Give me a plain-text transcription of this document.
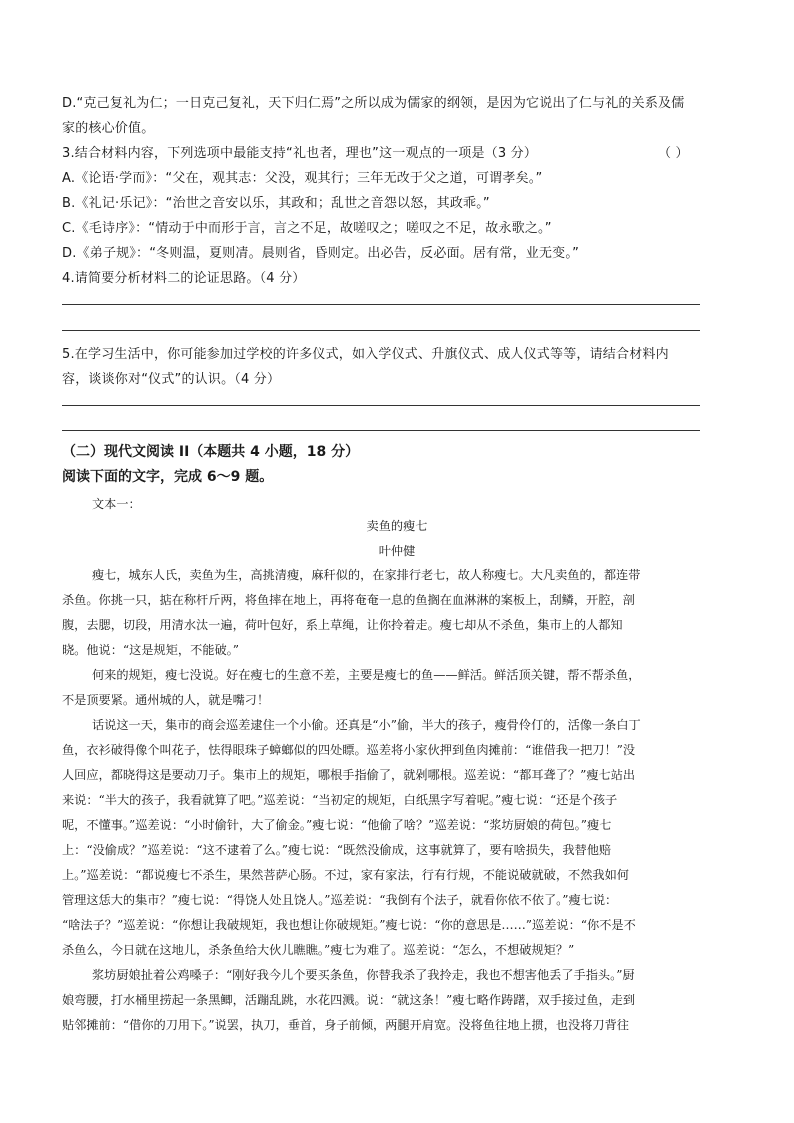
D.“克己复礼为仁；一日克己复礼，天下归仁焉”之所以成为儒家的纲领，是因为它说出了仁与礼的关系及儒
家的核心价值。
3.结合材料内容，下列选项中最能支持“礼也者，理也”这一观点的一项是（3 分）	（ ）
A.《论语·学而》：“父在，观其志：父没，观其行；三年无改于父之道，可谓孝矣。”
B.《礼记·乐记》：“治世之音安以乐，其政和；乱世之音怨以怒，其政乖。”
C.《毛诗序》：“情动于中而形于言，言之不足，故嗟叹之；嗟叹之不足，故永歌之。”
D.《弟子规》：“冬则温，夏则凊。晨则省，昏则定。出必告，反必面。居有常，业无变。”
4.请简要分析材料二的论证思路。（4 分）
5.在学习生活中，你可能参加过学校的许多仪式，如入学仪式、升旗仪式、成人仪式等等，请结合材料内
容，谈谈你对“仪式”的认识。（4 分）
（二）现代文阅读 II（本题共 4 小题，18 分）
阅读下面的文字，完成 6～9 题。
文本一：
卖鱼的瘦七
叶仲健
瘦七，城东人氏，卖鱼为生，高挑清瘦，麻秆似的，在家排行老七，故人称瘦七。大凡卖鱼的，都连带
杀鱼。你挑一只，掂在称杆斤两，将鱼摔在地上，再将奄奄一息的鱼搁在血淋淋的案板上，刮鳞，开腔，剖
腹，去腮，切段，用清水汰一遍，荷叶包好，系上草绳，让你拎着走。瘦七却从不杀鱼，集市上的人都知
晓。他说：“这是规矩，不能破。”
何来的规矩，瘦七没说。好在瘦七的生意不差，主要是瘦七的鱼——鲜活。鲜活顶关键，帮不帮杀鱼，
不是顶要紧。通州城的人，就是嘴刁！
话说这一天，集市的商会巡差逮住一个小偷。还真是“小”偷，半大的孩子，瘦骨伶仃的，活像一条白丁
鱼，衣衫破得像个叫花子，怯得眼珠子蟑螂似的四处瞟。巡差将小家伙押到鱼肉摊前：“谁借我一把刀！”没
人回应，都晓得这是要动刀子。集市上的规矩，哪根手指偷了，就剁哪根。巡差说：“都耳聋了？”瘦七站出
来说：“半大的孩子，我看就算了吧。”巡差说：“当初定的规矩，白纸黑字写着呢。”瘦七说：“还是个孩子
呢，不懂事。”巡差说：“小时偷针，大了偷金。”瘦七说：“他偷了啥？”巡差说：“浆坊厨娘的荷包。”瘦七
上：“没偷成？”巡差说：“这不逮着了么。”瘦七说：“既然没偷成，这事就算了，要有啥损失，我替他赔
上。”巡差说：“都说瘦七不杀生，果然菩萨心肠。不过，家有家法，行有行规，不能说破就破，不然我如何
管理这恁大的集市？”瘦七说：“得饶人处且饶人。”巡差说：“我倒有个法子，就看你依不依了。”瘦七说：
“啥法子？”巡差说：“你想让我破规矩，我也想让你破规矩。”瘦七说：“你的意思是……”巡差说：“你不是不
杀鱼么，今日就在这地儿，杀条鱼给大伙儿瞧瞧。”瘦七为难了。巡差说：“怎么，不想破规矩？”
浆坊厨娘扯着公鸡嗓子：“刚好我今儿个要买条鱼，你替我杀了我拎走，我也不想害他丢了手指头。”厨
娘弯腰，打水桶里捞起一条黑鲫，活蹦乱跳，水花四溅。说：“就这条！”瘦七略作踌躇，双手接过鱼，走到
贴邻摊前：“借你的刀用下。”说罢，执刀，垂首，身子前倾，两腿开肩宽。没将鱼往地上掼，也没将刀背往
